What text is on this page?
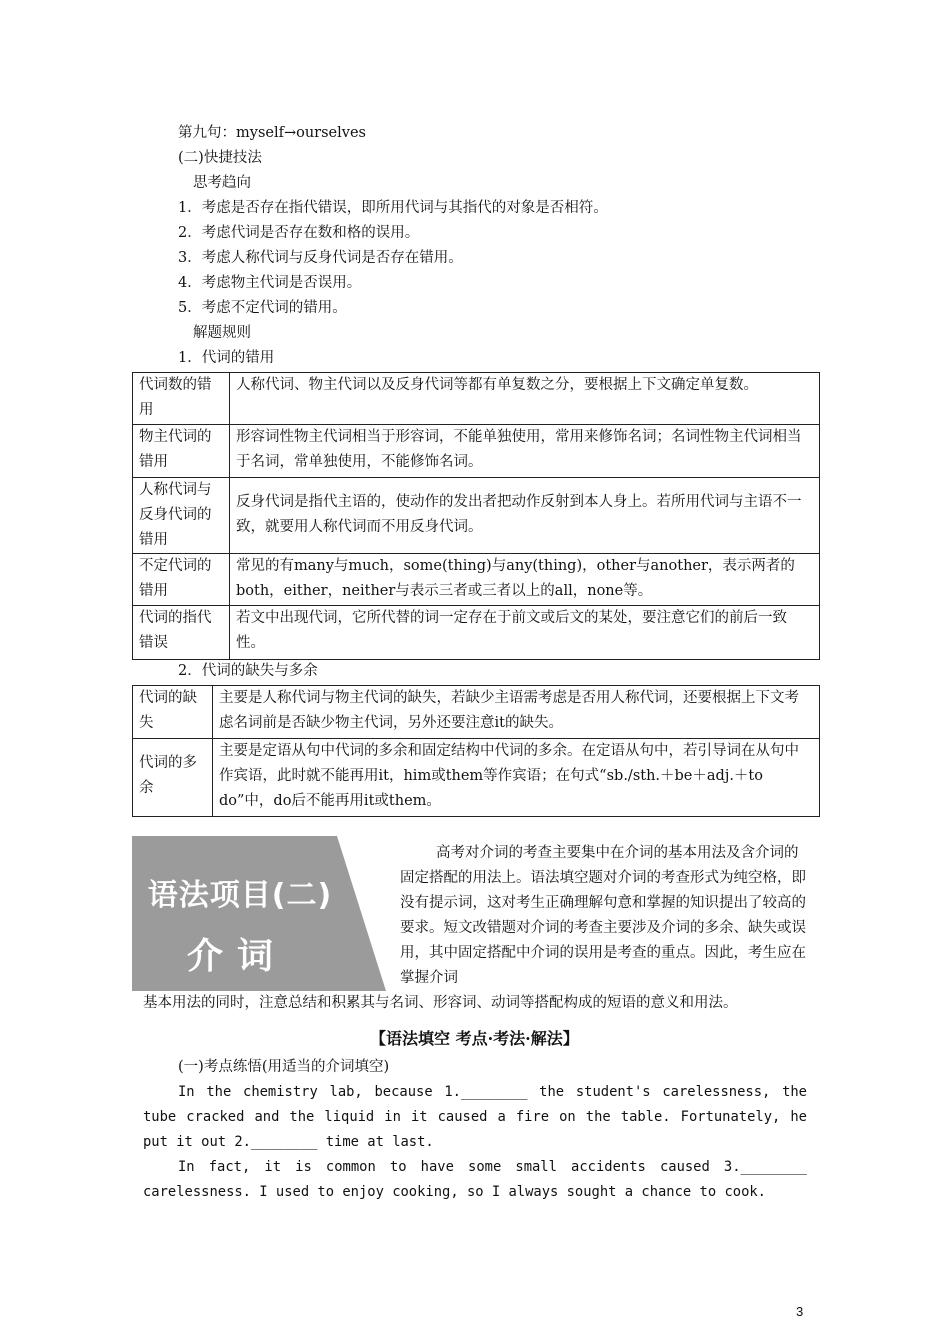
第九句：myself→ourselves
(二)快捷技法
思考趋向
1．考虑是否存在指代错误，即所用代词与其指代的对象是否相符。
2．考虑代词是否存在数和格的误用。
3．考虑人称代词与反身代词是否存在错用。
4．考虑物主代词是否误用。
5．考虑不定代词的错用。
解题规则
1．代词的错用
代词数的错用	人称代词、物主代词以及反身代词等都有单复数之分，要根据上下文确定单复数。
物主代词的错用	形容词性物主代词相当于形容词，不能单独使用，常用来修饰名词；名词性物主代词相当于名词，常单独使用，不能修饰名词。
人称代词与反身代词的错用	反身代词是指代主语的，使动作的发出者把动作反射到本人身上。若所用代词与主语不一致，就要用人称代词而不用反身代词。
不定代词的错用	常见的有many与much，some(thing)与any(thing)，other与another，表示两者的both，either，neither与表示三者或三者以上的all，none等。
代词的指代错误	若文中出现代词，它所代替的词一定存在于前文或后文的某处，要注意它们的前后一致性。
2．代词的缺失与多余
代词的缺失	主要是人称代词与物主代词的缺失，若缺少主语需考虑是否用人称代词，还要根据上下文考虑名词前是否缺少物主代词，另外还要注意it的缺失。
代词的多余	主要是定语从句中代词的多余和固定结构中代词的多余。在定语从句中，若引导词在从句中作宾语，此时就不能再用it，him或them等作宾语；在句式“sb./sth.＋be＋adj.＋to do”中，do后不能再用it或them。
语法项目(二)
介词
高考对介词的考查主要集中在介词的基本用法及含介词的固定搭配的用法上。语法填空题对介词的考查形式为纯空格，即没有提示词，这对考生正确理解句意和掌握的知识提出了较高的要求。短文改错题对介词的考查主要涉及介词的多余、缺失或误用，其中固定搭配中介词的误用是考查的重点。因此，考生应在掌握介词
基本用法的同时，注意总结和积累其与名词、形容词、动词等搭配构成的短语的意义和用法。
【语法填空 考点·考法·解法】
(一)考点练悟(用适当的介词填空)
In the chemistry lab, because 1.________ the student's carelessness, the tube cracked and the liquid in it caused a fire on the table. Fortunately, he put it out 2.________ time at last.
In fact, it is common to have some small accidents caused 3.________ carelessness. I used to enjoy cooking, so I always sought a chance to cook.
3
